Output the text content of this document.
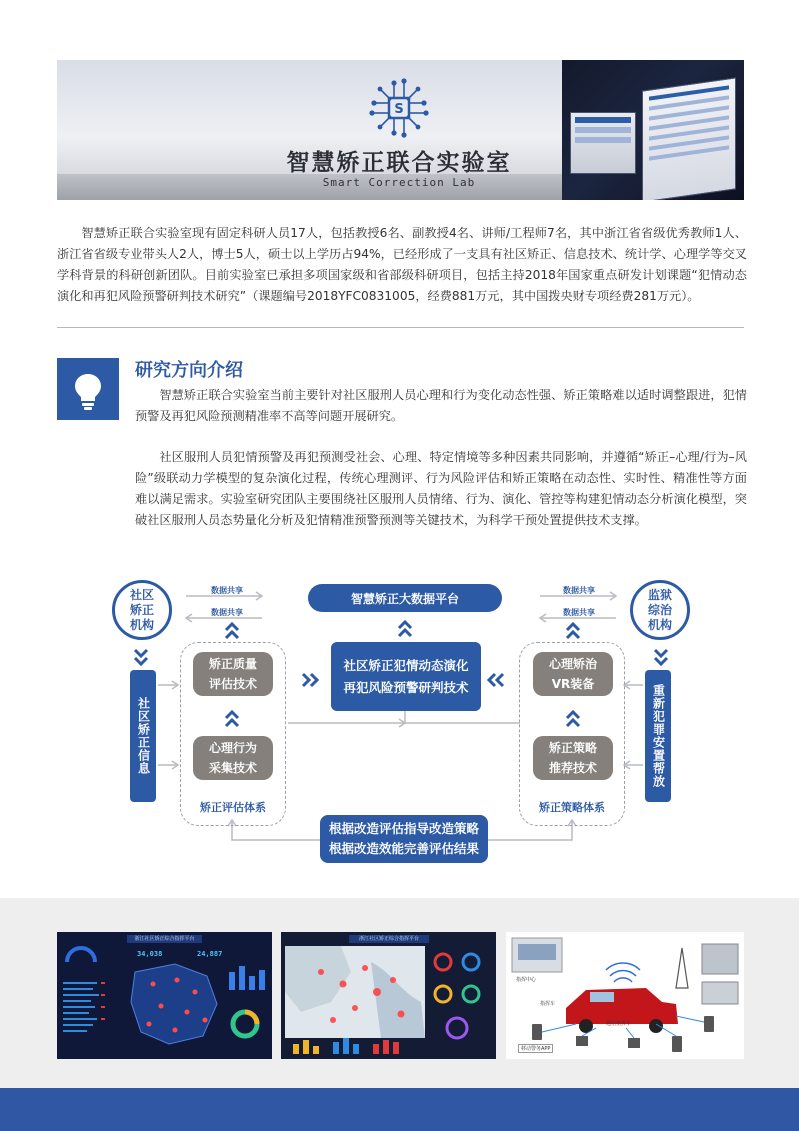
S
智慧矫正联合实验室
Smart Correction Lab

智慧矫正联合实验室现有固定科研人员17人，包括教授6名、副教授4名、讲师/工程师7名，其中浙江省省级优秀教师1人、浙江省省级专业带头人2人，博士5人，硕士以上学历占94%，已经形成了一支具有社区矫正、信息技术、统计学、心理学等交叉学科背景的科研创新团队。目前实验室已承担多项国家级和省部级科研项目，包括主持2018年国家重点研发计划课题“犯情动态演化和再犯风险预警研判技术研究”（课题编号2018YFC0831005，经费881万元，其中国拨央财专项经费281万元）。

研究方向介绍

智慧矫正联合实验室当前主要针对社区服刑人员心理和行为变化动态性强、矫正策略难以适时调整跟进，犯情预警及再犯风险预测精准率不高等问题开展研究。

社区服刑人员犯情预警及再犯预测受社会、心理、特定情境等多种因素共同影响，并遵循“矫正–心理/行为–风险”级联动力学模型的复杂演化过程，传统心理测评、行为风险评估和矫正策略在动态性、实时性、精准性等方面难以满足需求。实验室研究团队主要围绕社区服刑人员情绪、行为、演化、管控等构建犯情动态分析演化模型，突破社区服刑人员态势量化分析及犯情精准预警预测等关键技术，为科学干预处置提供技术支撑。

数据共享
数据共享
数据共享
数据共享
社区矫正机构
监狱综治机构
智慧矫正大数据平台
社区矫正信息	重新犯罪安置帮放
矫正质量评估技术
心理行为采集技术
矫正评估体系
心理矫治VR装备
矫正策略推荐技术
矫正策略体系
社区矫正犯情动态演化
再犯风险预警研判技术
根据改造评估指导改造策略
根据改造效能完善评估结果
浙江社区矫正综合指挥平台
34,038	24,887
浙江社区矫正综合指挥平台
指挥中心
指挥车
通信指挥车
移动警务APP
